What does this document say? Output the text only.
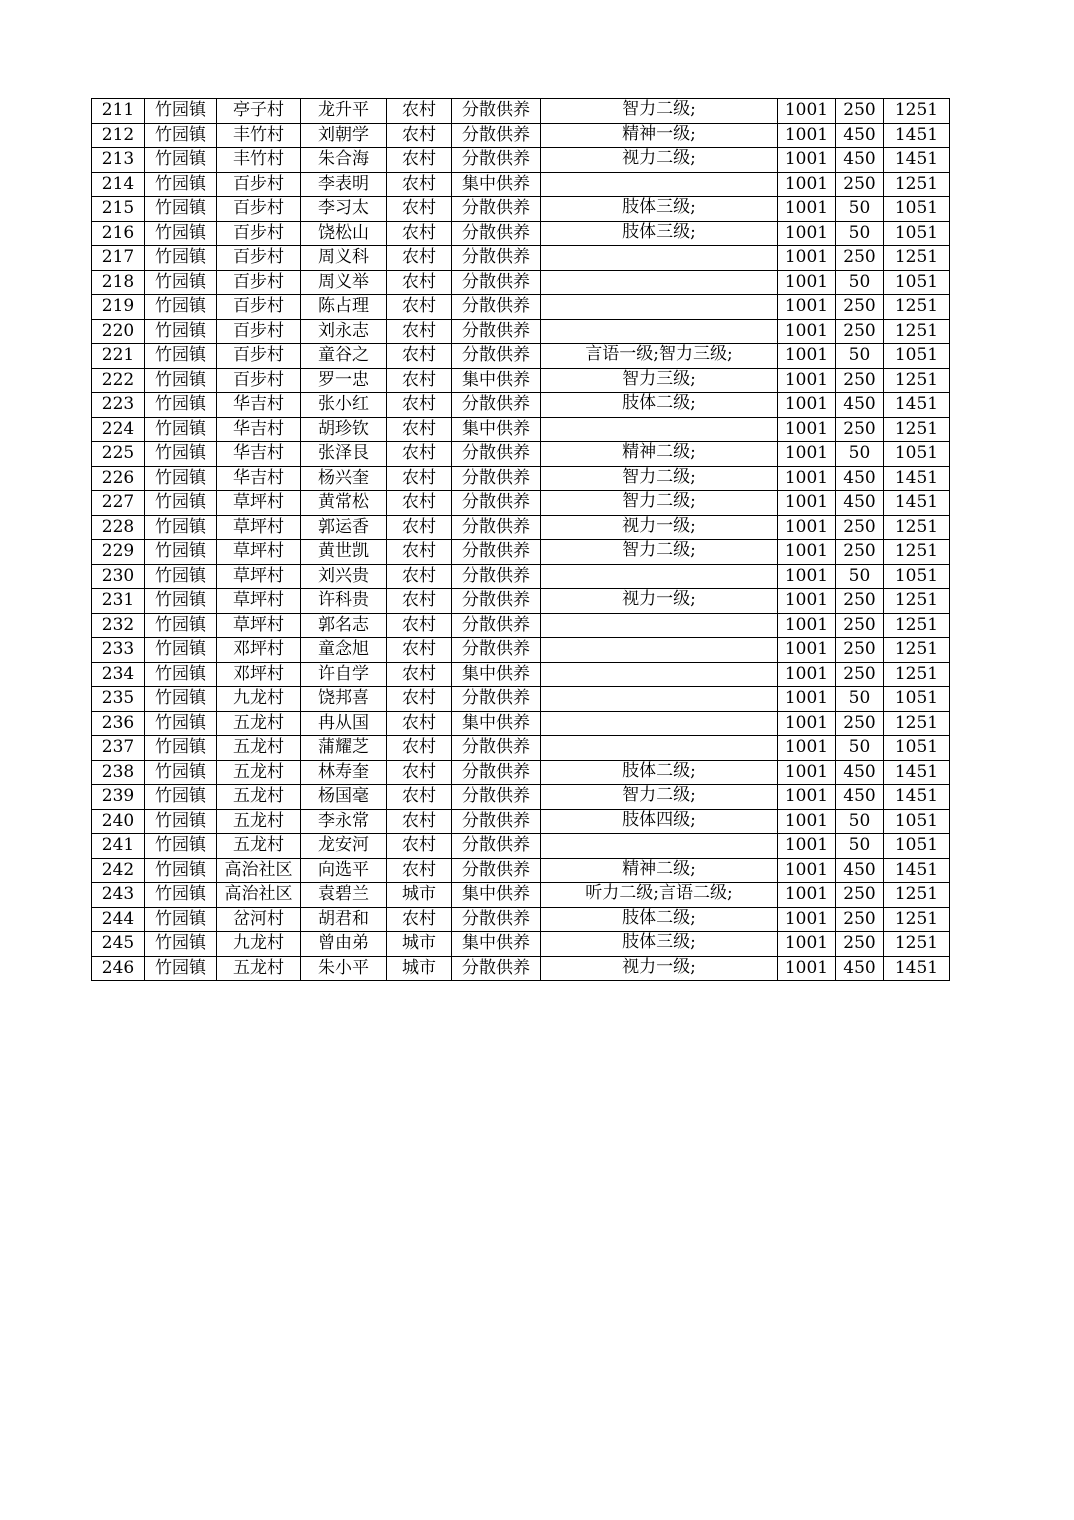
211	竹园镇	亭子村	龙升平	农村	分散供养	智力二级;	1001	250	1251
212	竹园镇	丰竹村	刘朝学	农村	分散供养	精神一级;	1001	450	1451
213	竹园镇	丰竹村	朱合海	农村	分散供养	视力二级;	1001	450	1451
214	竹园镇	百步村	李表明	农村	集中供养		1001	250	1251
215	竹园镇	百步村	李习太	农村	分散供养	肢体三级;	1001	50	1051
216	竹园镇	百步村	饶松山	农村	分散供养	肢体三级;	1001	50	1051
217	竹园镇	百步村	周义科	农村	分散供养		1001	250	1251
218	竹园镇	百步村	周义举	农村	分散供养		1001	50	1051
219	竹园镇	百步村	陈占理	农村	分散供养		1001	250	1251
220	竹园镇	百步村	刘永志	农村	分散供养		1001	250	1251
221	竹园镇	百步村	童谷之	农村	分散供养	言语一级;智力三级;	1001	50	1051
222	竹园镇	百步村	罗一忠	农村	集中供养	智力三级;	1001	250	1251
223	竹园镇	华吉村	张小红	农村	分散供养	肢体二级;	1001	450	1451
224	竹园镇	华吉村	胡珍钦	农村	集中供养		1001	250	1251
225	竹园镇	华吉村	张泽艮	农村	分散供养	精神二级;	1001	50	1051
226	竹园镇	华吉村	杨兴奎	农村	分散供养	智力二级;	1001	450	1451
227	竹园镇	草坪村	黄常松	农村	分散供养	智力二级;	1001	450	1451
228	竹园镇	草坪村	郭运香	农村	分散供养	视力一级;	1001	250	1251
229	竹园镇	草坪村	黄世凯	农村	分散供养	智力二级;	1001	250	1251
230	竹园镇	草坪村	刘兴贵	农村	分散供养		1001	50	1051
231	竹园镇	草坪村	许科贵	农村	分散供养	视力一级;	1001	250	1251
232	竹园镇	草坪村	郭名志	农村	分散供养		1001	250	1251
233	竹园镇	邓坪村	童念旭	农村	分散供养		1001	250	1251
234	竹园镇	邓坪村	许自学	农村	集中供养		1001	250	1251
235	竹园镇	九龙村	饶邦喜	农村	分散供养		1001	50	1051
236	竹园镇	五龙村	冉从国	农村	集中供养		1001	250	1251
237	竹园镇	五龙村	蒲耀芝	农村	分散供养		1001	50	1051
238	竹园镇	五龙村	林寿奎	农村	分散供养	肢体二级;	1001	450	1451
239	竹园镇	五龙村	杨国毫	农村	分散供养	智力二级;	1001	450	1451
240	竹园镇	五龙村	李永常	农村	分散供养	肢体四级;	1001	50	1051
241	竹园镇	五龙村	龙安河	农村	分散供养		1001	50	1051
242	竹园镇	高治社区	向选平	农村	分散供养	精神二级;	1001	450	1451
243	竹园镇	高治社区	袁碧兰	城市	集中供养	听力二级;言语二级;	1001	250	1251
244	竹园镇	岔河村	胡君和	农村	分散供养	肢体二级;	1001	250	1251
245	竹园镇	九龙村	曾由弟	城市	集中供养	肢体三级;	1001	250	1251
246	竹园镇	五龙村	朱小平	城市	分散供养	视力一级;	1001	450	1451
